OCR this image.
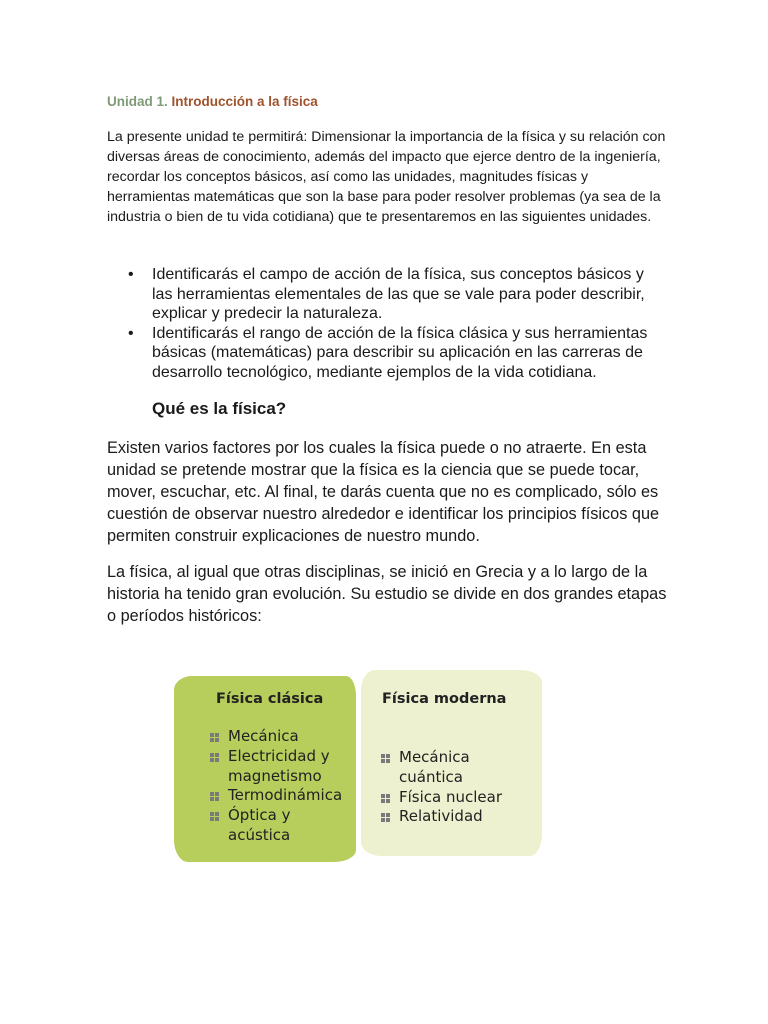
Unidad 1. Introducción a la física

La presente unidad te permitirá: Dimensionar la importancia de la física y su relación con diversas áreas de conocimiento, además del impacto que ejerce dentro de la ingeniería, recordar los conceptos básicos, así como las unidades, magnitudes físicas y herramientas matemáticas que son la base para poder resolver problemas (ya sea de la industria o bien de tu vida cotidiana) que te presentaremos en las siguientes unidades.

• Identificarás el campo de acción de la física, sus conceptos básicos y las herramientas elementales de las que se vale para poder describir, explicar y predecir la naturaleza.
• Identificarás el rango de acción de la física clásica y sus herramientas básicas (matemáticas) para describir su aplicación en las carreras de desarrollo tecnológico, mediante ejemplos de la vida cotidiana.
Qué es la física?

Existen varios factores por los cuales la física puede o no atraerte. En esta unidad se pretende mostrar que la física es la ciencia que se puede tocar, mover, escuchar, etc. Al final, te darás cuenta que no es complicado, sólo es cuestión de observar nuestro alrededor e identificar los principios físicos que permiten construir explicaciones de nuestro mundo.

La física, al igual que otras disciplinas, se inició en Grecia y a lo largo de la historia ha tenido gran evolución. Su estudio se divide en dos grandes etapas o períodos históricos:

Física clásica
Mecánica
Electricidad y magnetismo
Termodinámica
Óptica y acústica
Física moderna
Mecánica cuántica
Física nuclear
Relatividad
